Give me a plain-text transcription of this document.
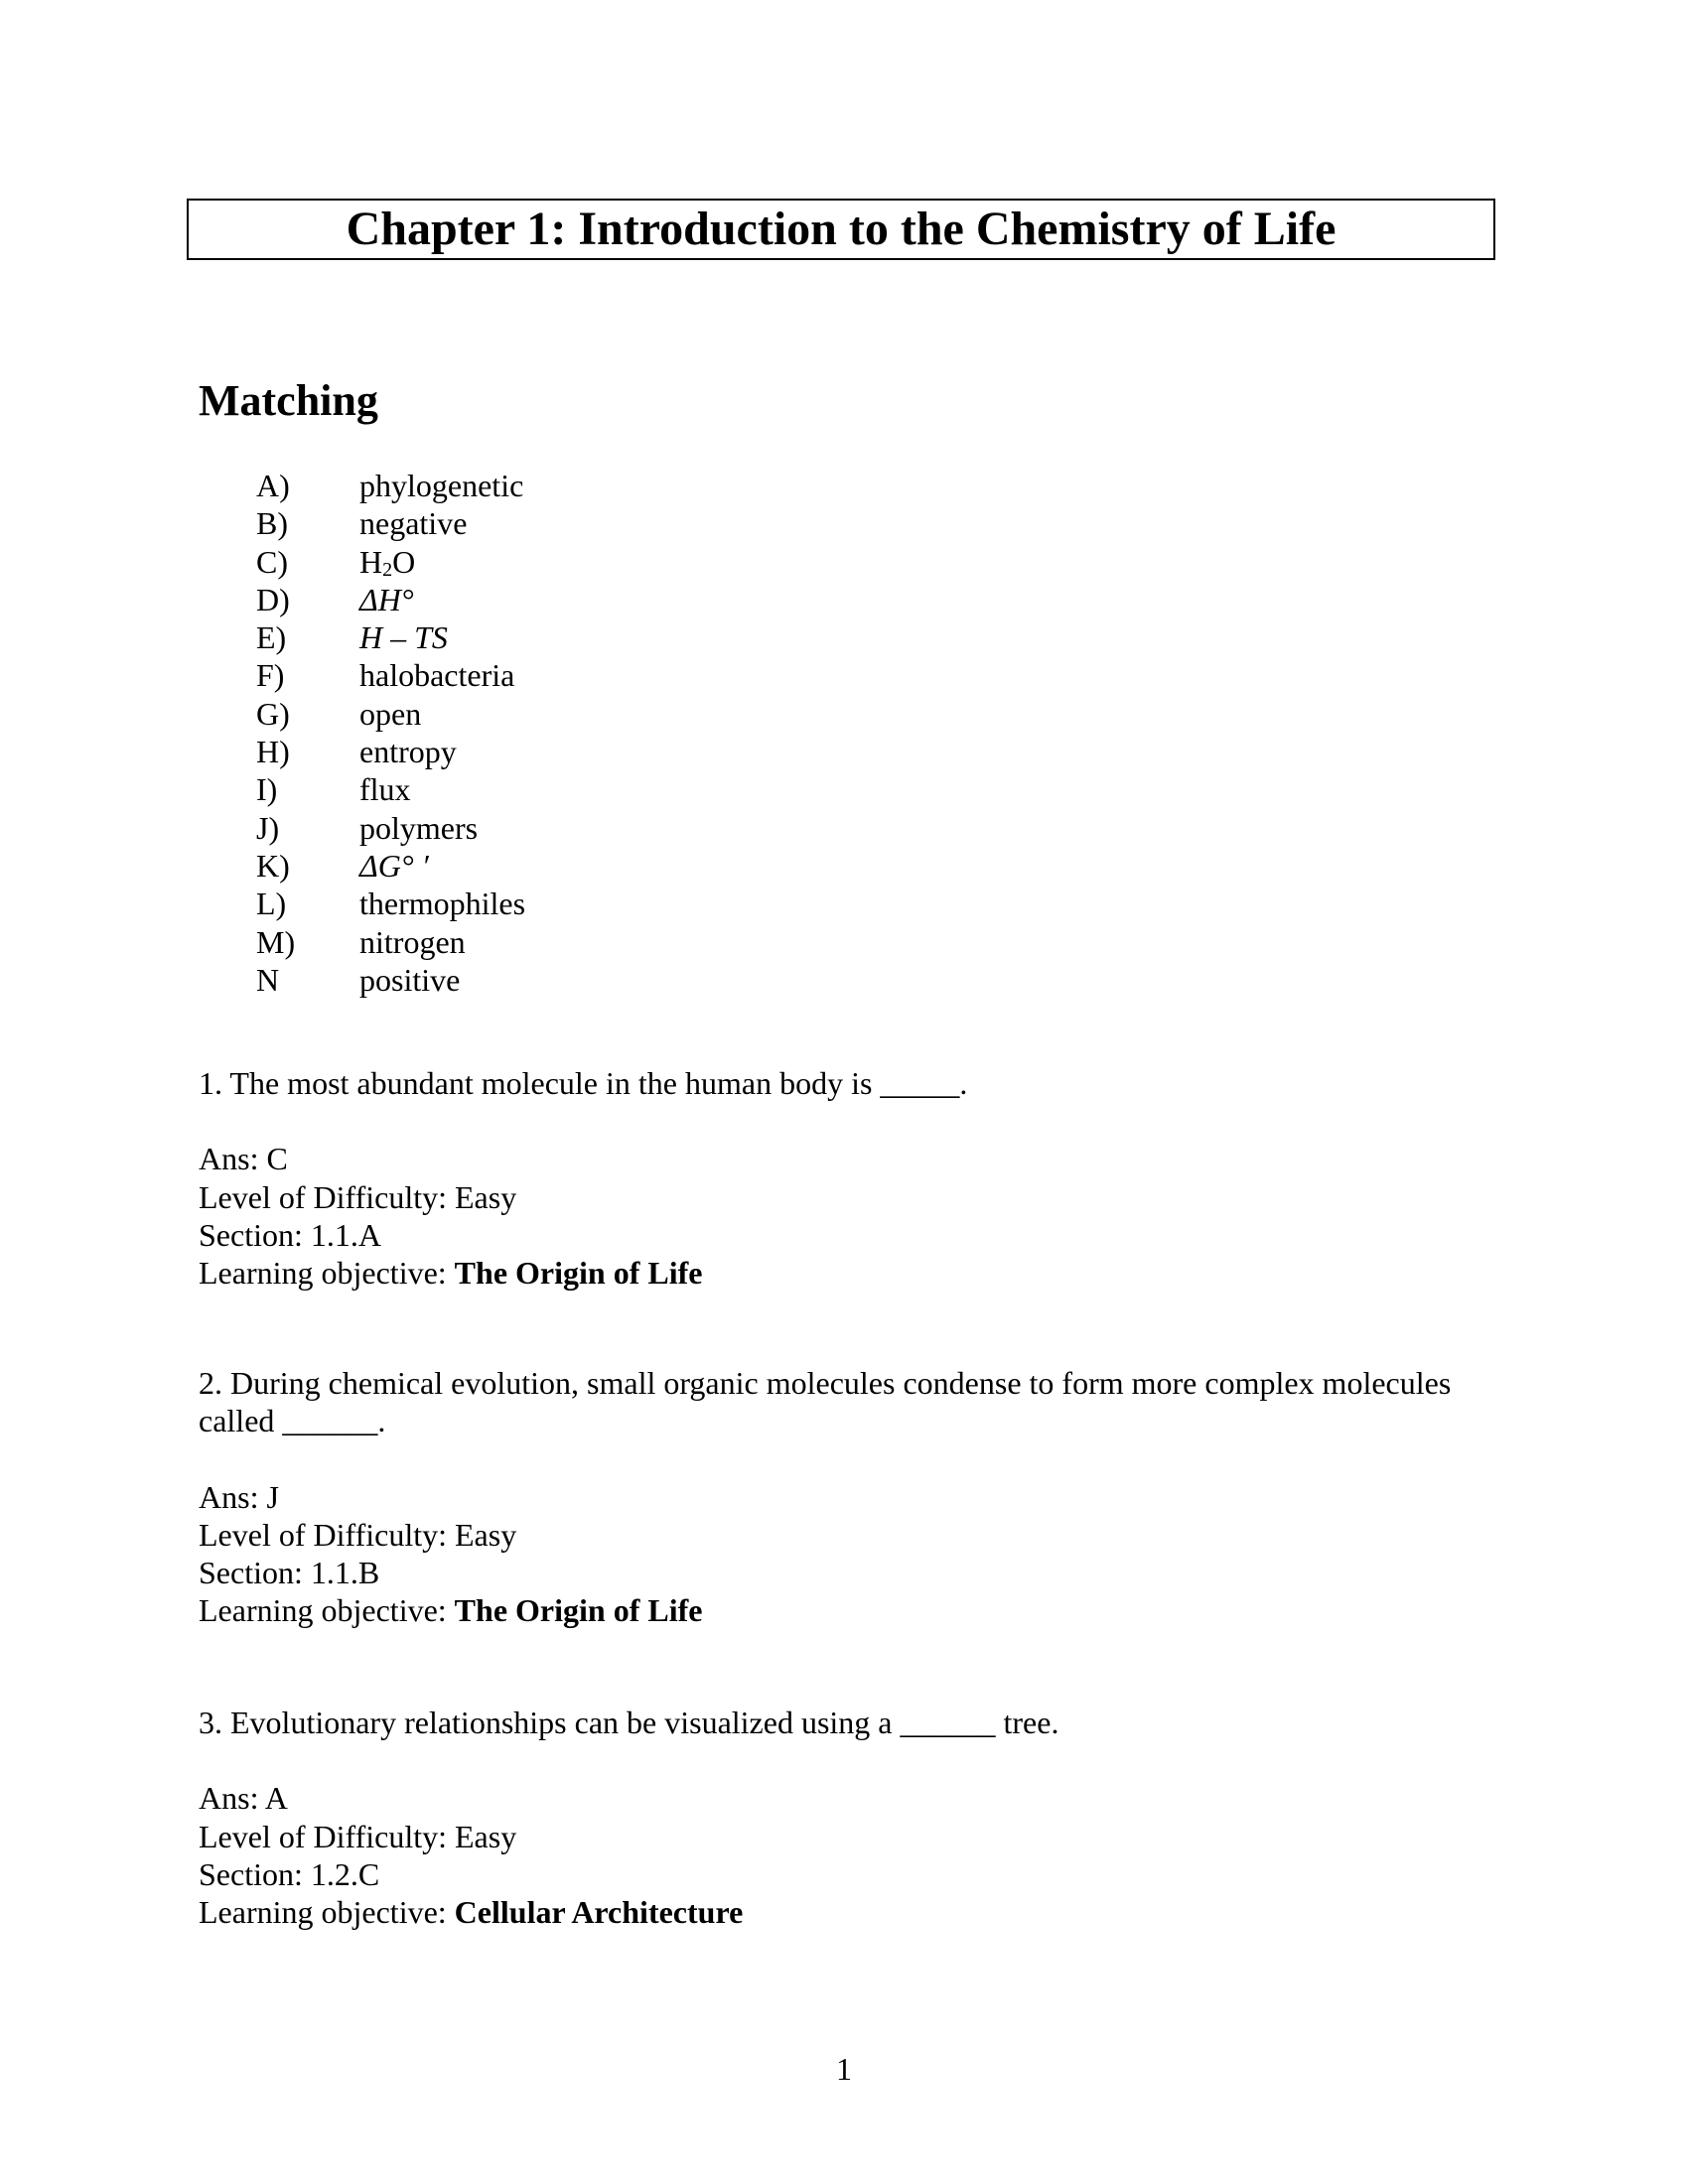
Chapter 1: Introduction to the Chemistry of Life
Matching
A)	phylogenetic
B)	negative
C)	$H_2O$
D)	ΔH°
E)	H – TS
F)	halobacteria
G)	open
H)	entropy
I)	flux
J)	polymers
K)	ΔG° ′
L)	thermophiles
M)	nitrogen
N	positive

1. The most abundant molecule in the human body is _____.

Ans: C

Level of Difficulty: Easy

Section: 1.1.A

Learning objective: The Origin of Life

2. During chemical evolution, small organic molecules condense to form more complex molecules called ______.

Ans: J

Level of Difficulty: Easy

Section: 1.1.B

Learning objective: The Origin of Life

3. Evolutionary relationships can be visualized using a ______ tree.

Ans: A

Level of Difficulty: Easy

Section: 1.2.C

Learning objective: Cellular Architecture

1
